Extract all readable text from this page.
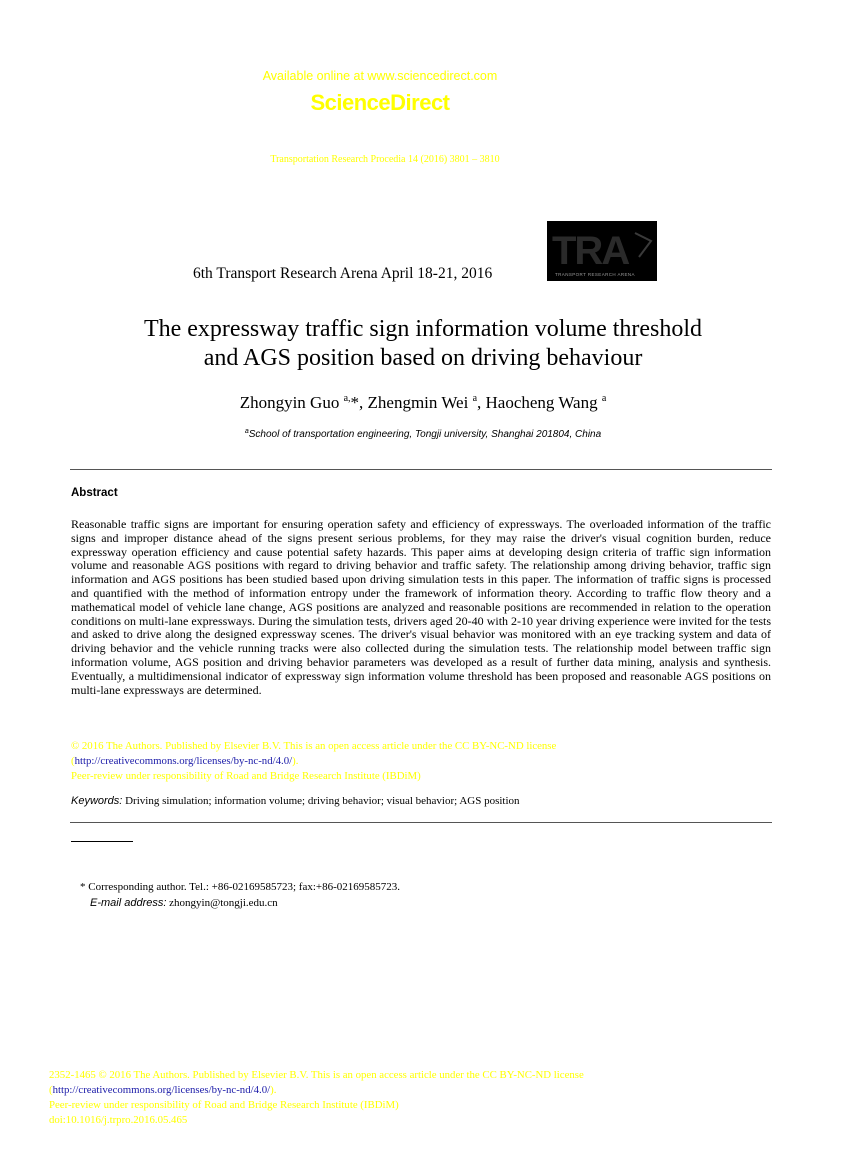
Available online at www.sciencedirect.com
ScienceDirect
Transportation Research Procedia 14 (2016) 3801 – 3810
6th Transport Research Arena April 18-21, 2016
TRA
TRANSPORT RESEARCH ARENA
The expressway traffic sign information volume threshold
and AGS position based on driving behaviour
Zhongyin Guo $^{a,}$*, Zhengmin Wei $^a$, Haocheng Wang $^a$
$^a$School of transportation engineering, Tongji university, Shanghai 201804, China
Abstract
Reasonable traffic signs are important for ensuring operation safety and efficiency of expressways. The overloaded information of the traffic signs and improper distance ahead of the signs present serious problems, for they may raise the driver's visual cognition burden, reduce expressway operation efficiency and cause potential safety hazards. This paper aims at developing design criteria of traffic sign information volume and reasonable AGS positions with regard to driving behavior and traffic safety. The relationship among driving behavior, traffic sign information and AGS positions has been studied based upon driving simulation tests in this paper. The information of traffic signs is processed and quantified with the method of information entropy under the framework of information theory. According to traffic flow theory and a mathematical model of vehicle lane change, AGS positions are analyzed and reasonable positions are recommended in relation to the operation conditions on multi-lane expressways. During the simulation tests, drivers aged 20-40 with 2-10 year driving experience were invited for the tests and asked to drive along the designed expressway scenes. The driver's visual behavior was monitored with an eye tracking system and data of driving behavior and the vehicle running tracks were also collected during the simulation tests. The relationship model between traffic sign information volume, AGS position and driving behavior parameters was developed as a result of further data mining, analysis and synthesis. Eventually, a multidimensional indicator of expressway sign information volume threshold has been proposed and reasonable AGS positions on multi-lane expressways are determined.
© 2016 The Authors. Published by Elsevier B.V. This is an open access article under the CC BY-NC-ND license
(http://creativecommons.org/licenses/by-nc-nd/4.0/).
Peer-review under responsibility of Road and Bridge Research Institute (IBDiM)
Keywords: Driving simulation; information volume; driving behavior; visual behavior; AGS position
* Corresponding author. Tel.: +86-02169585723; fax:+86-02169585723.
E-mail address: zhongyin@tongji.edu.cn
2352-1465 © 2016 The Authors. Published by Elsevier B.V. This is an open access article under the CC BY-NC-ND license
(http://creativecommons.org/licenses/by-nc-nd/4.0/).
Peer-review under responsibility of Road and Bridge Research Institute (IBDiM)
doi:10.1016/j.trpro.2016.05.465
